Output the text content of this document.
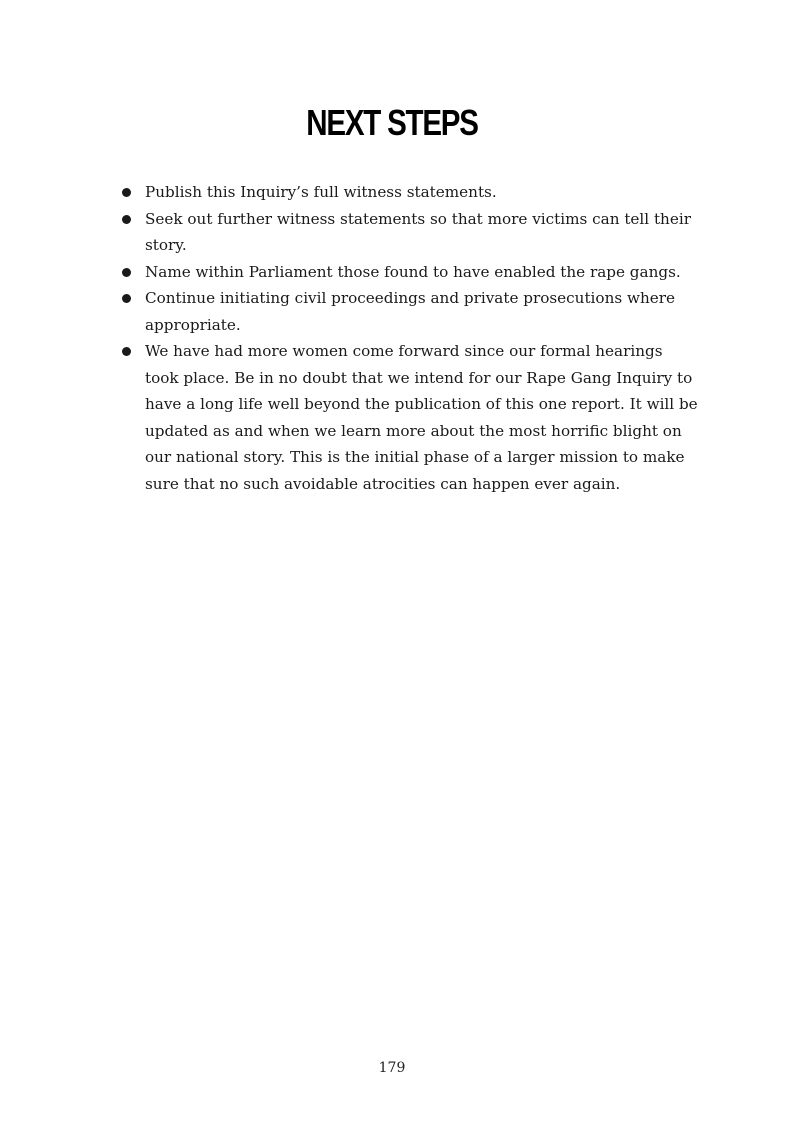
NEXT STEPS
Publish this Inquiry’s full witness statements.
Seek out further witness statements so that more victims can tell their story.
Name within Parliament those found to have enabled the rape gangs.
Continue initiating civil proceedings and private prosecutions where appropriate.
We have had more women come forward since our formal hearings took place. Be in no doubt that we intend for our Rape Gang Inquiry to have a long life well beyond the publication of this one report. It will be updated as and when we learn more about the most horrific blight on our national story. This is the initial phase of a larger mission to make sure that no such avoidable atrocities can happen ever again.
179
